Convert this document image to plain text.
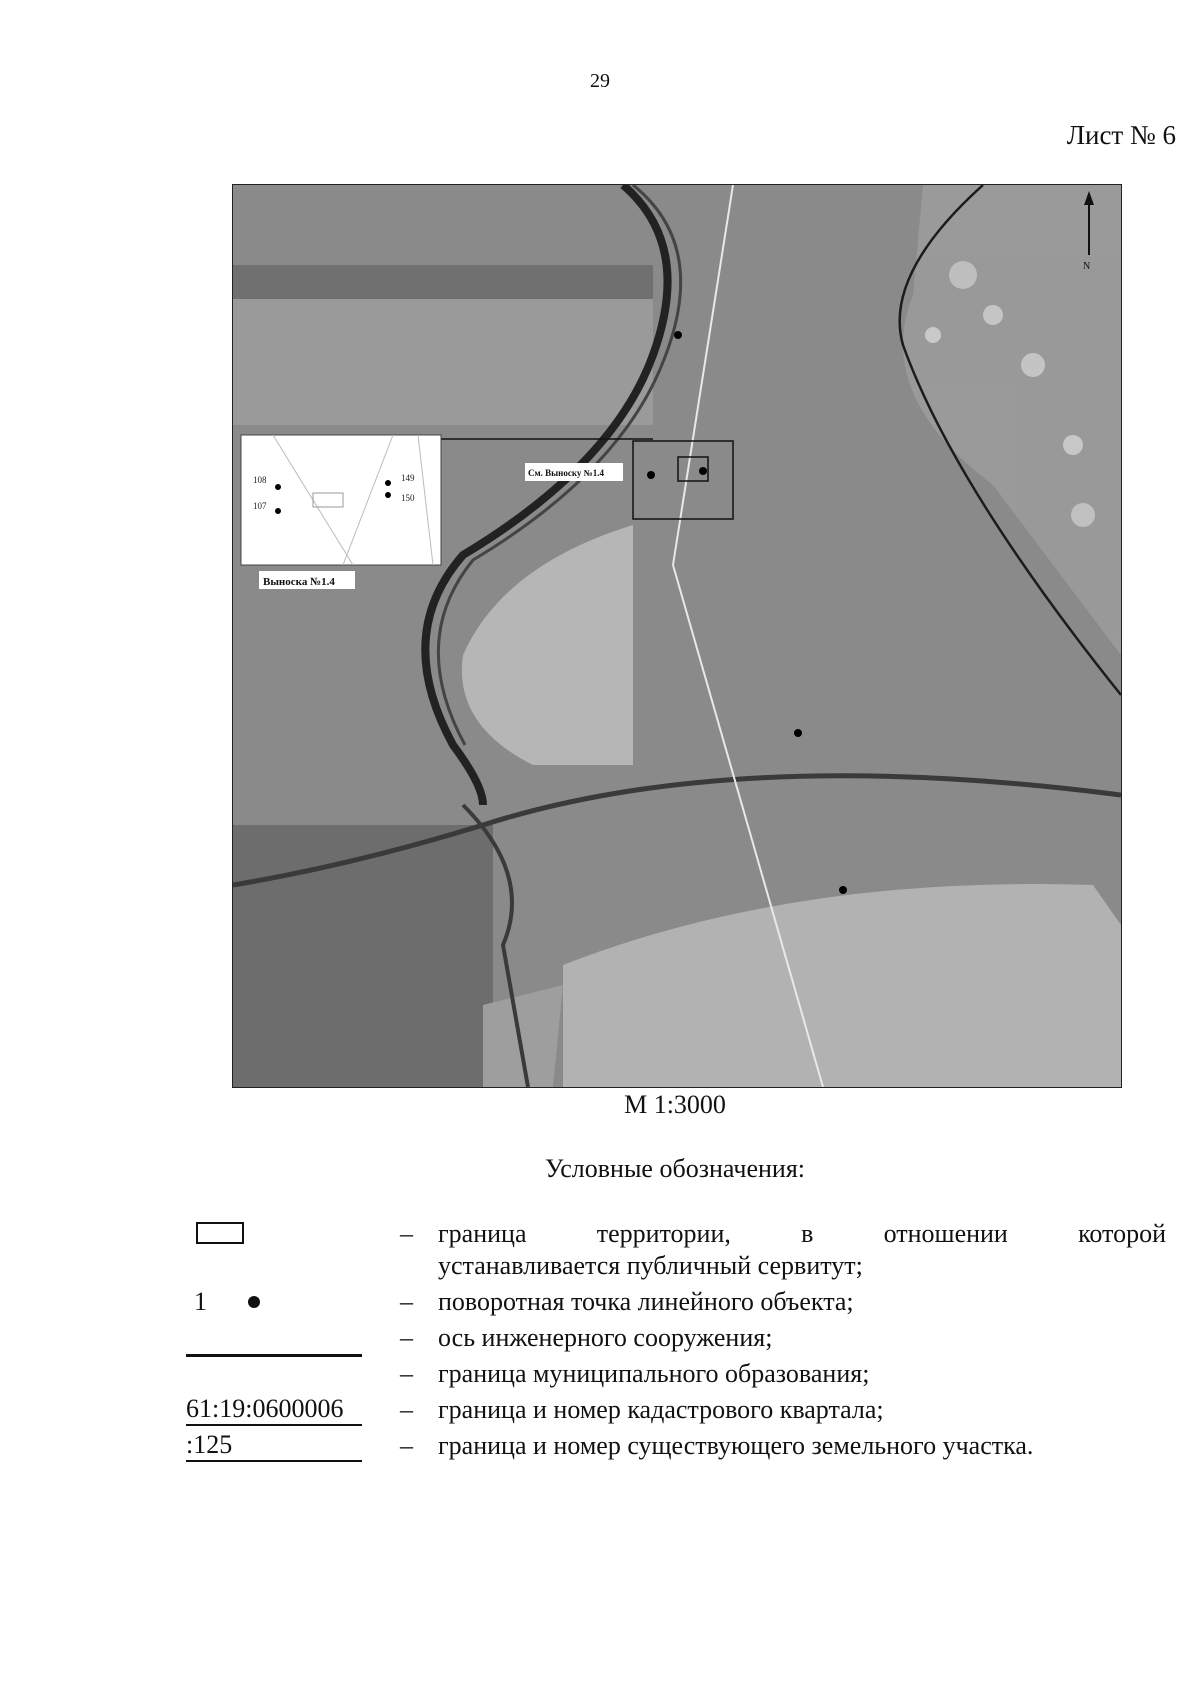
29
Лист № 6
108
107
149
150
Выноска №1.4
См. Выноску №1.4
N
М 1:3000
Условные обозначения:
– граница	территории,	в	отношении	которой
устанавливается публичный сервитут;
1	– поворотная точка линейного объекта;
– ось инженерного сооружения;
– граница муниципального образования;
61:19:0600006	– граница и номер кадастрового квартала;
:125	– граница и номер существующего земельного участка.
